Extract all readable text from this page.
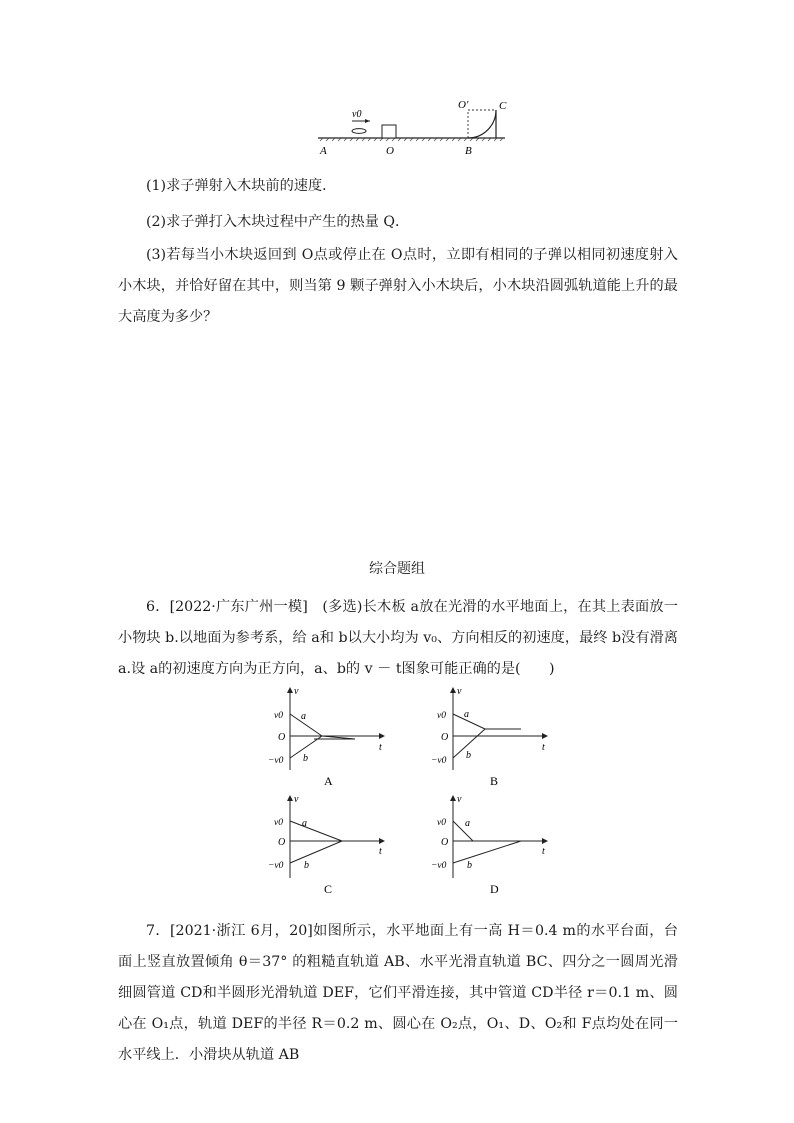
v0
A	O	B
O′	C
(1)求子弹射入木块前的速度．
(2)求子弹打入木块过程中产生的热量 Q．
(3)若每当小木块返回到 O点或停止在 O点时，立即有相同的子弹以相同初速度射入小木块，并恰好留在其中，则当第 9 颗子弹射入小木块后，小木块沿圆弧轨道能上升的最大高度为多少？
综合题组
6．[2022·广东广州一模]　(多选)长木板 a放在光滑的水平地面上，在其上表面放一小物块 b.以地面为参考系，给 a和 b以大小均为 v₀、方向相反的初速度，最终 b没有滑离 a.设 a的初速度方向为正方向，a、b的 v － t图象可能正确的是(　　)
v
t
v0
O
−v0
a
b
A
v
t
v0
O
−v0
a
b
B
v
t
v0
O
−v0
a
b
C
v
t
v0
O
−v0
a
b
D
7．[2021·浙江 6月，20]如图所示，水平地面上有一高 H＝0.4 m的水平台面，台面上竖直放置倾角 θ＝37° 的粗糙直轨道 AB、水平光滑直轨道 BC、四分之一圆周光滑细圆管道 CD和半圆形光滑轨道 DEF，它们平滑连接，其中管道 CD半径 r＝0.1 m、圆心在 O₁点，轨道 DEF的半径 R＝0.2 m、圆心在 O₂点，O₁、D、O₂和 F点均处在同一水平线上．小滑块从轨道 AB
